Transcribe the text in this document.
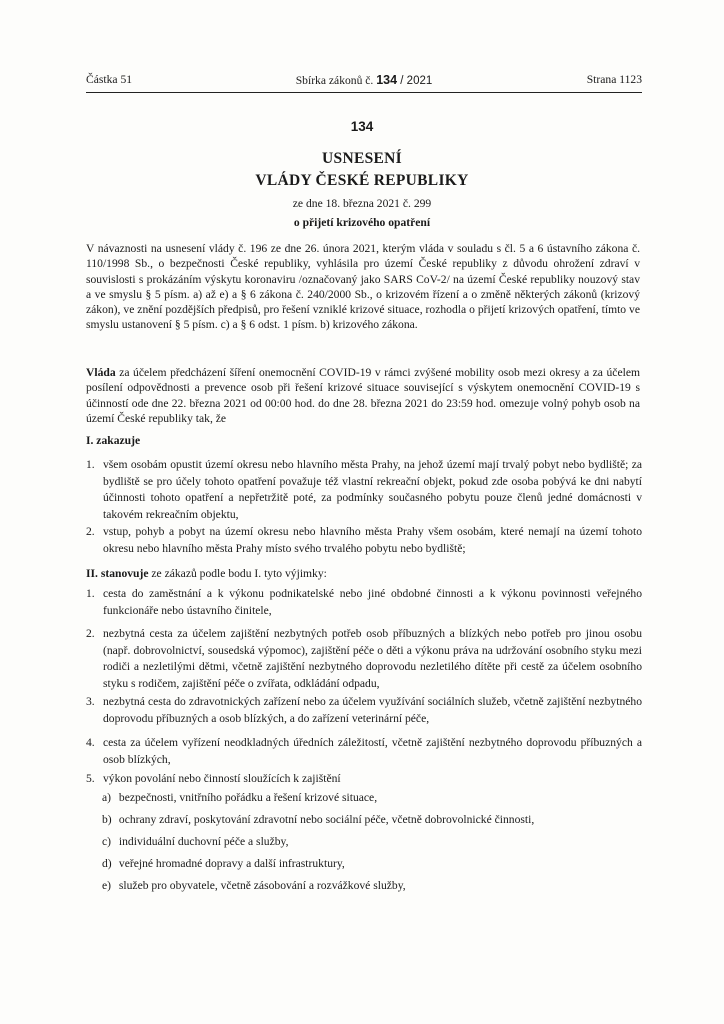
Částka 51	Sbírka zákonů č. 134 / 2021	Strana 1123
134
USNESENÍ
VLÁDY ČESKÉ REPUBLIKY
ze dne 18. března 2021 č. 299
o přijetí krizového opatření
V návaznosti na usnesení vlády č. 196 ze dne 26. února 2021, kterým vláda v souladu s čl. 5 a 6 ústavního zákona č. 110/1998 Sb., o bezpečnosti České republiky, vyhlásila pro území České republiky z důvodu ohrožení zdraví v souvislosti s prokázáním výskytu koronaviru /označovaný jako SARS CoV-2/ na území České republiky nouzový stav a ve smyslu § 5 písm. a) až e) a § 6 zákona č. 240/2000 Sb., o krizovém řízení a o změně některých zákonů (krizový zákon), ve znění pozdějších předpisů, pro řešení vzniklé krizové situace, rozhodla o přijetí krizových opatření, tímto ve smyslu ustanovení § 5 písm. c) a § 6 odst. 1 písm. b) krizového zákona.
Vláda za účelem předcházení šíření onemocnění COVID-19 v rámci zvýšené mobility osob mezi okresy a za účelem posílení odpovědnosti a prevence osob při řešení krizové situace související s výskytem onemocnění COVID-19 s účinností ode dne 22. března 2021 od 00:00 hod. do dne 28. března 2021 do 23:59 hod. omezuje volný pohyb osob na území České republiky tak, že
I. zakazuje
1. všem osobám opustit území okresu nebo hlavního města Prahy, na jehož území mají trvalý pobyt nebo bydliště; za bydliště se pro účely tohoto opatření považuje též vlastní rekreační objekt, pokud zde osoba pobývá ke dni nabytí účinnosti tohoto opatření a nepřetržitě poté, za podmínky současného pobytu pouze členů jedné domácnosti v takovém rekreačním objektu,
2. vstup, pohyb a pobyt na území okresu nebo hlavního města Prahy všem osobám, které nemají na území tohoto okresu nebo hlavního města Prahy místo svého trvalého pobytu nebo bydliště;
II. stanovuje ze zákazů podle bodu I. tyto výjimky:
1. cesta do zaměstnání a k výkonu podnikatelské nebo jiné obdobné činnosti a k výkonu povinnosti veřejného funkcionáře nebo ústavního činitele,
2. nezbytná cesta za účelem zajištění nezbytných potřeb osob příbuzných a blízkých nebo potřeb pro jinou osobu (např. dobrovolnictví, sousedská výpomoc), zajištění péče o děti a výkonu práva na udržování osobního styku mezi rodiči a nezletilými dětmi, včetně zajištění nezbytného doprovodu nezletilého dítěte při cestě za účelem osobního styku s rodičem, zajištění péče o zvířata, odkládání odpadu,
3. nezbytná cesta do zdravotnických zařízení nebo za účelem využívání sociálních služeb, včetně zajištění nezbytného doprovodu příbuzných a osob blízkých, a do zařízení veterinární péče,
4. cesta za účelem vyřízení neodkladných úředních záležitostí, včetně zajištění nezbytného doprovodu příbuzných a osob blízkých,
5. výkon povolání nebo činností sloužících k zajištění
a) bezpečnosti, vnitřního pořádku a řešení krizové situace,
b) ochrany zdraví, poskytování zdravotní nebo sociální péče, včetně dobrovolnické činnosti,
c) individuální duchovní péče a služby,
d) veřejné hromadné dopravy a další infrastruktury,
e) služeb pro obyvatele, včetně zásobování a rozvážkové služby,
